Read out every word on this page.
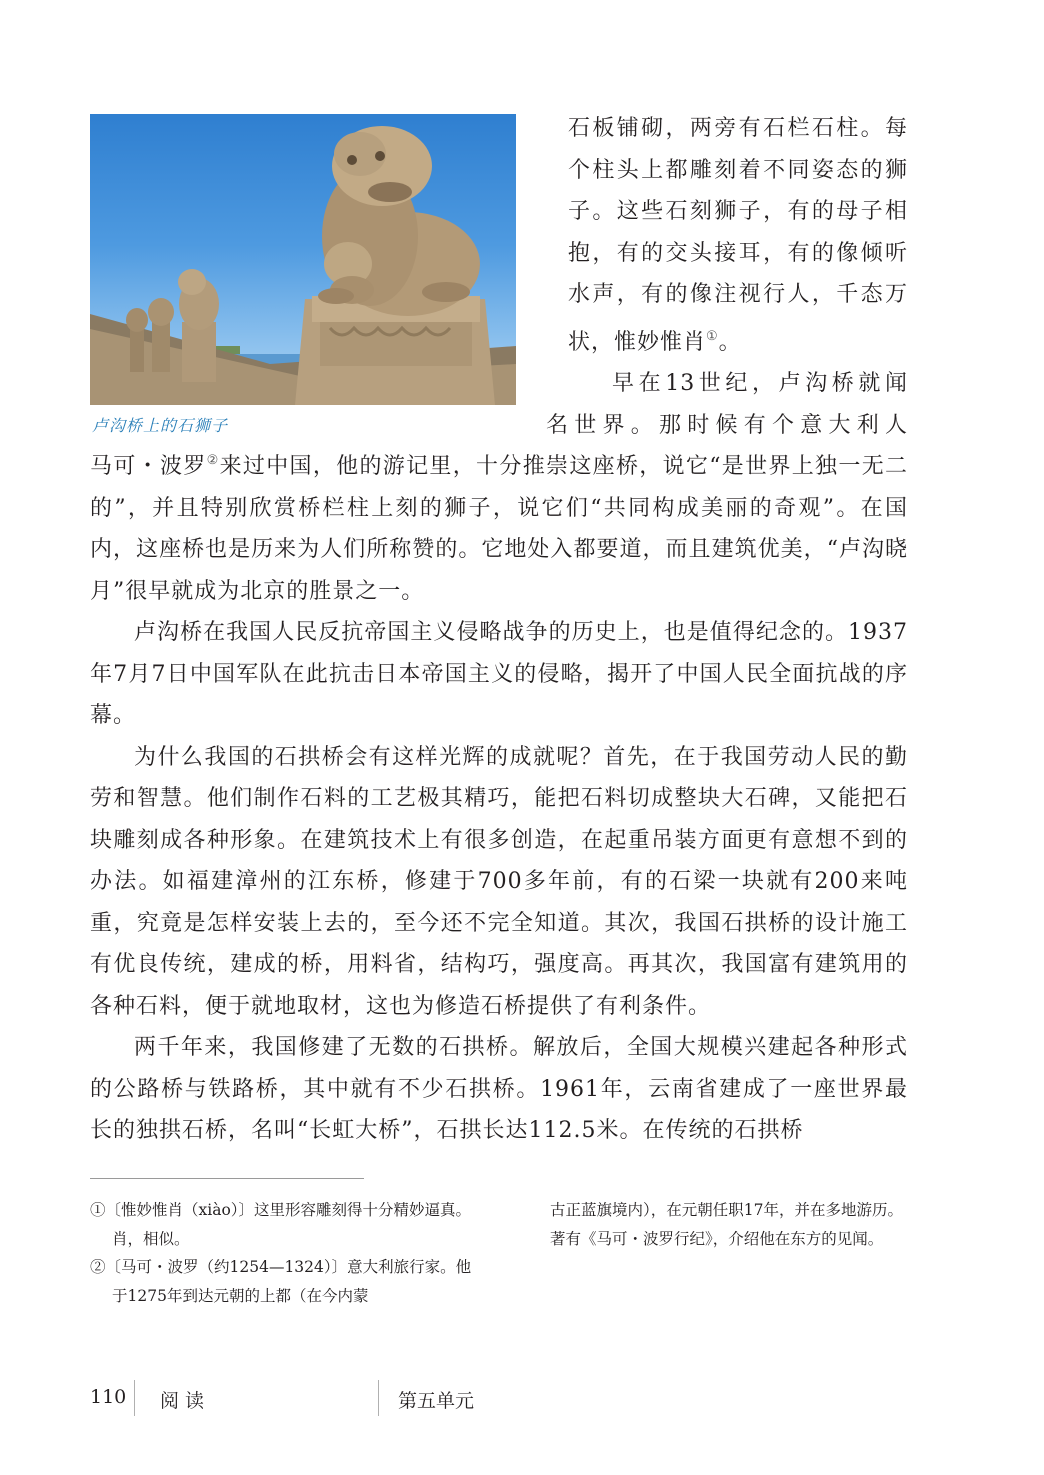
卢沟桥上的石狮子

石板铺砌，两旁有石栏石柱。每

个柱头上都雕刻着不同姿态的狮

子。这些石刻狮子，有的母子相

抱，有的交头接耳，有的像倾听

水声，有的像注视行人，千态万

状，惟妙惟肖①。

早在13世纪，卢沟桥就闻

名世界。那时候有个意大利人

马可・波罗②来过中国，他的游记里，十分推崇这座桥，说它“是世界上独一无二的”，并且特别欣赏桥栏柱上刻的狮子，说它们“共同构成美丽的奇观”。在国内，这座桥也是历来为人们所称赞的。它地处入都要道，而且建筑优美，“卢沟晓月”很早就成为北京的胜景之一。

卢沟桥在我国人民反抗帝国主义侵略战争的历史上，也是值得纪念的。1937年7月7日中国军队在此抗击日本帝国主义的侵略，揭开了中国人民全面抗战的序幕。

为什么我国的石拱桥会有这样光辉的成就呢？首先，在于我国劳动人民的勤劳和智慧。他们制作石料的工艺极其精巧，能把石料切成整块大石碑，又能把石块雕刻成各种形象。在建筑技术上有很多创造，在起重吊装方面更有意想不到的办法。如福建漳州的江东桥，修建于700多年前，有的石梁一块就有200来吨重，究竟是怎样安装上去的，至今还不完全知道。其次，我国石拱桥的设计施工有优良传统，建成的桥，用料省，结构巧，强度高。再其次，我国富有建筑用的各种石料，便于就地取材，这也为修造石桥提供了有利条件。

两千年来，我国修建了无数的石拱桥。解放后，全国大规模兴建起各种形式的公路桥与铁路桥，其中就有不少石拱桥。1961年，云南省建成了一座世界最长的独拱石桥，名叫“长虹大桥”，石拱长达112.5米。在传统的石拱桥

①〔惟妙惟肖（xiào）〕这里形容雕刻得十分精妙逼真。肖，相似。

②〔马可・波罗（约1254—1324）〕意大利旅行家。他于1275年到达元朝的上都（在今内蒙

古正蓝旗境内），在元朝任职17年，并在多地游历。著有《马可・波罗行纪》，介绍他在东方的见闻。

110 阅读	第五单元
